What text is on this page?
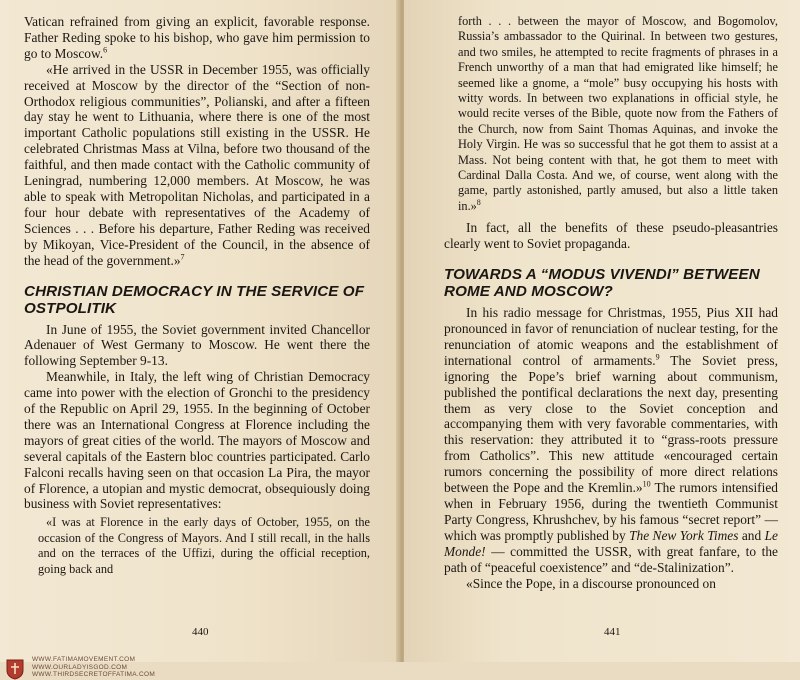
Vatican refrained from giving an explicit, favorable response. Father Reding spoke to his bishop, who gave him permission to go to Moscow.$^6$

«He arrived in the USSR in December 1955, was officially received at Moscow by the director of the “Section of non-Orthodox religious communities”, Polianski, and after a fifteen day stay he went to Lithuania, where there is one of the most important Catholic populations still existing in the USSR. He celebrated Christmas Mass at Vilna, before two thousand of the faithful, and then made contact with the Catholic community of Leningrad, numbering 12,000 members. At Moscow, he was able to speak with Metropolitan Nicholas, and participated in a four hour debate with representatives of the Academy of Sciences . . . Before his departure, Father Reding was received by Mikoyan, Vice-President of the Council, in the absence of the head of the government.»$^7$

CHRISTIAN DEMOCRACY IN THE SERVICE OF OSTPOLITIK

In June of 1955, the Soviet government invited Chancellor Adenauer of West Germany to Moscow. He went there the following September 9-13.

Meanwhile, in Italy, the left wing of Christian Democracy came into power with the election of Gronchi to the presidency of the Republic on April 29, 1955. In the beginning of October there was an International Congress at Florence including the mayors of great cities of the world. The mayors of Moscow and several capitals of the Eastern bloc countries participated. Carlo Falconi recalls having seen on that occasion La Pira, the mayor of Florence, a utopian and mystic democrat, obsequiously doing business with Soviet representatives:

«I was at Florence in the early days of October, 1955, on the occasion of the Congress of Mayors. And I still recall, in the halls and on the terraces of the Uffizi, during the official reception, going back and

440

forth . . . between the mayor of Moscow, and Bogomolov, Russia’s ambassador to the Quirinal. In between two gestures, and two smiles, he attempted to recite fragments of phrases in a French unworthy of a man that had emigrated like himself; he seemed like a gnome, a “mole” busy occupying his hosts with witty words. In between two explanations in official style, he would recite verses of the Bible, quote now from the Fathers of the Church, now from Saint Thomas Aquinas, and invoke the Holy Virgin. He was so successful that he got them to assist at a Mass. Not being content with that, he got them to meet with Cardinal Dalla Costa. And we, of course, went along with the game, partly astonished, partly amused, but also a little taken in.»$^8$

In fact, all the benefits of these pseudo-pleasantries clearly went to Soviet propaganda.

TOWARDS A “MODUS VIVENDI” BETWEEN ROME AND MOSCOW?

In his radio message for Christmas, 1955, Pius XII had pronounced in favor of renunciation of nuclear testing, for the renunciation of atomic weapons and the establishment of international control of armaments.$^9$ The Soviet press, ignoring the Pope’s brief warning about communism, published the pontifical declarations the next day, presenting them as very close to the Soviet conception and accompanying them with very favorable commentaries, with this reservation: they attributed it to “grass-roots pressure from Catholics”. This new attitude «encouraged certain rumors concerning the possibility of more direct relations between the Pope and the Kremlin.»$^{10}$ The rumors intensified when in February 1956, during the twentieth Communist Party Congress, Khrushchev, by his famous “secret report” — which was promptly published by The New York Times and Le Monde! — committed the USSR, with great fanfare, to the path of “peaceful coexistence” and “de-Stalinization”.

«Since the Pope, in a discourse pronounced on

441
WWW.FATIMAMOVEMENT.COM
WWW.OURLADYISGOD.COM
WWW.THIRDSECRETOFFATIMA.COM
